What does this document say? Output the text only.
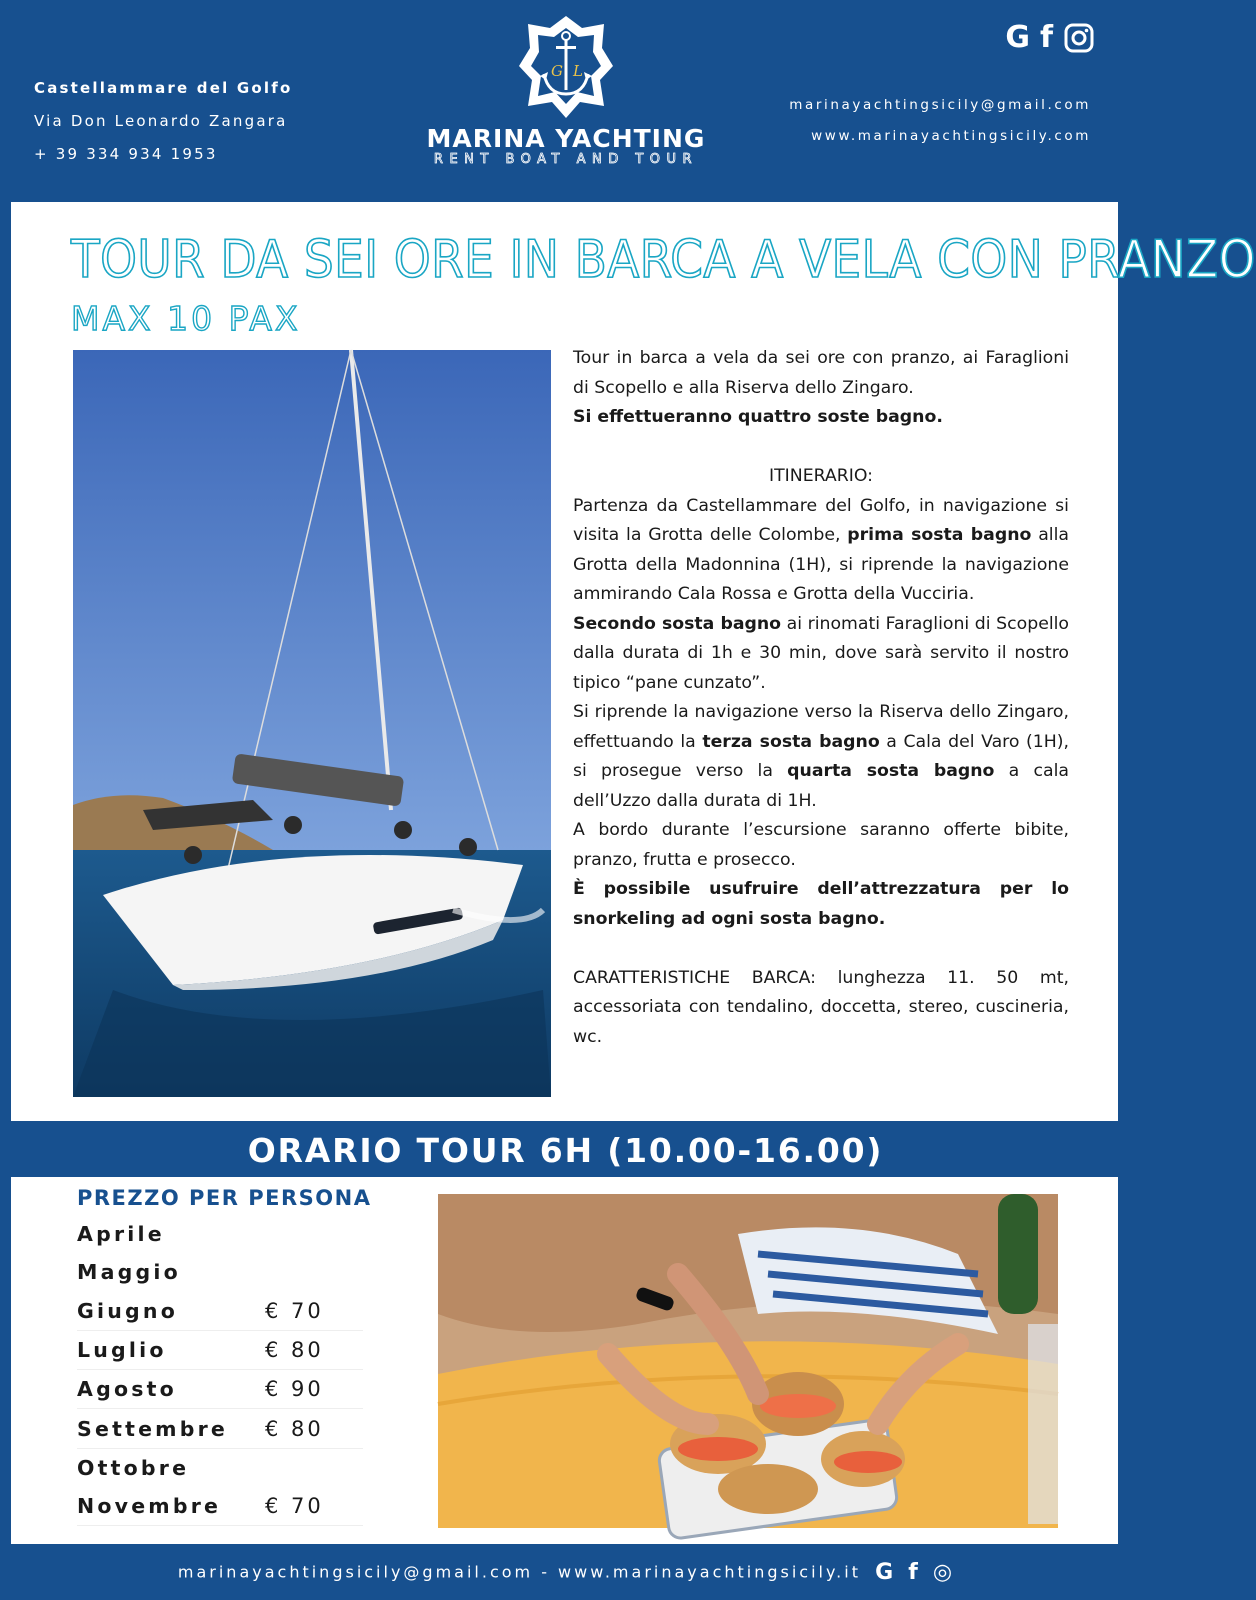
Castellammare del Golfo
Via Don Leonardo Zangara
+ 39 334 934 1953
G L
MARINA YACHTING
RENT BOAT AND TOUR
G f
marinayachtingsicily@gmail.com
www.marinayachtingsicily.com
TOUR DA SEI ORE IN BARCA A VELA CON PRANZO
MAX 10 PAX

Tour in barca a vela da sei ore con pranzo, ai Faraglioni di Scopello e alla Riserva dello Zingaro.

Si effettueranno quattro soste bagno.

ITINERARIO:

Partenza da Castellammare del Golfo, in navigazione si visita la Grotta delle Colombe, prima sosta bagno alla Grotta della Madonnina (1H), si riprende la navigazione ammirando Cala Rossa e Grotta della Vucciria.

Secondo sosta bagno ai rinomati Faraglioni di Scopello dalla durata di 1h e 30 min, dove sarà servito il nostro tipico “pane cunzato”.

Si riprende la navigazione verso la Riserva dello Zingaro, effettuando la terza sosta bagno a Cala del Varo (1H), si prosegue verso la quarta sosta bagno a cala dell’Uzzo dalla durata di 1H.

A bordo durante l’escursione saranno offerte bibite, pranzo, frutta e prosecco.

È possibile usufruire dell’attrezzatura per lo snorkeling ad ogni sosta bagno.

CARATTERISTICHE BARCA: lunghezza 11. 50 mt, accessoriata con tendalino, doccetta, stereo, cuscineria, wc.

ORARIO TOUR 6H (10.00-16.00)
PREZZO PER PERSONA
Aprile
Maggio
Giugno	€ 70
Luglio	€ 80
Agosto	€ 90
Settembre	€ 80
Ottobre
Novembre	€ 70
marinayachtingsicily@gmail.com - www.marinayachtingsicily.it G f ◎
